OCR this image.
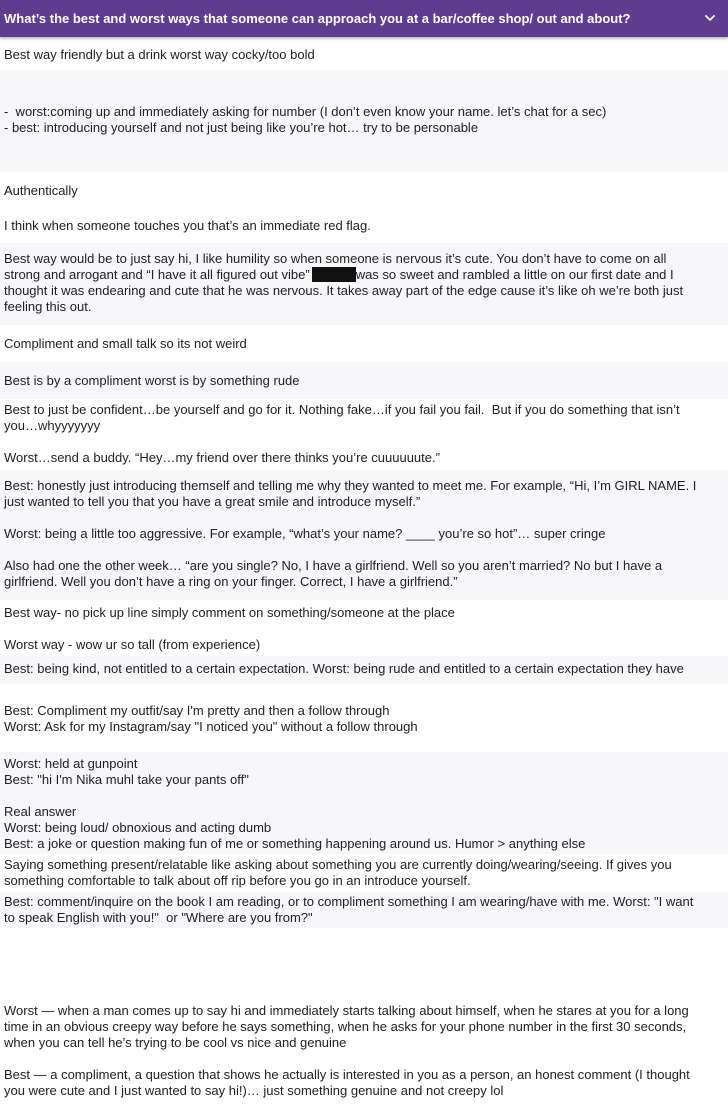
What’s the best and worst ways that someone can approach you at a bar/coffee shop/ out and about?
Best way friendly but a drink worst way cocky/too bold
-  worst:coming up and immediately asking for number (I don’t even know your name. let’s chat for a sec)
- best: introducing yourself and not just being like you’re hot… try to be personable
Authentically
I think when someone touches you that’s an immediate red flag.
Best way would be to just say hi, I like humility so when someone is nervous it’s cute. You don’t have to come on all
strong and arrogant and “I have it all figured out vibe”	was so sweet and rambled a little on our first date and I
thought it was endearing and cute that he was nervous. It takes away part of the edge cause it’s like oh we’re both just
feeling this out.
Compliment and small talk so its not weird
Best is by a compliment worst is by something rude
Best to just be confident…be yourself and go for it. Nothing fake…if you fail you fail.  But if you do something that isn’t
you…whyyyyyyy
Worst…send a buddy. “Hey…my friend over there thinks you’re cuuuuuute.”
Best: honestly just introducing themself and telling me why they wanted to meet me. For example, “Hi, I’m GIRL NAME. I
just wanted to tell you that you have a great smile and introduce myself.”
Worst: being a little too aggressive. For example, “what’s your name? ____ you’re so hot”… super cringe
Also had one the other week… “are you single? No, I have a girlfriend. Well so you aren’t married? No but I have a
girlfriend. Well you don’t have a ring on your finger. Correct, I have a girlfriend.”
Best way- no pick up line simply comment on something/someone at the place
Worst way - wow ur so tall (from experience)
Best: being kind, not entitled to a certain expectation. Worst: being rude and entitled to a certain expectation they have
Best: Compliment my outfit/say I'm pretty and then a follow through
Worst: Ask for my Instagram/say "I noticed you" without a follow through
Worst: held at gunpoint
Best: "hi I'm Nika muhl take your pants off"
Real answer
Worst: being loud/ obnoxious and acting dumb
Best: a joke or question making fun of me or something happening around us. Humor > anything else
Saying something present/relatable like asking about something you are currently doing/wearing/seeing. If gives you
something comfortable to talk about off rip before you go in an introduce yourself.
Best: comment/inquire on the book I am reading, or to compliment something I am wearing/have with me. Worst: "I want
to speak English with you!"  or "Where are you from?"
Worst — when a man comes up to say hi and immediately starts talking about himself, when he stares at you for a long
time in an obvious creepy way before he says something, when he asks for your phone number in the first 30 seconds,
when you can tell he’s trying to be cool vs nice and genuine
Best — a compliment, a question that shows he actually is interested in you as a person, an honest comment (I thought
you were cute and I just wanted to say hi!)… just something genuine and not creepy lol
